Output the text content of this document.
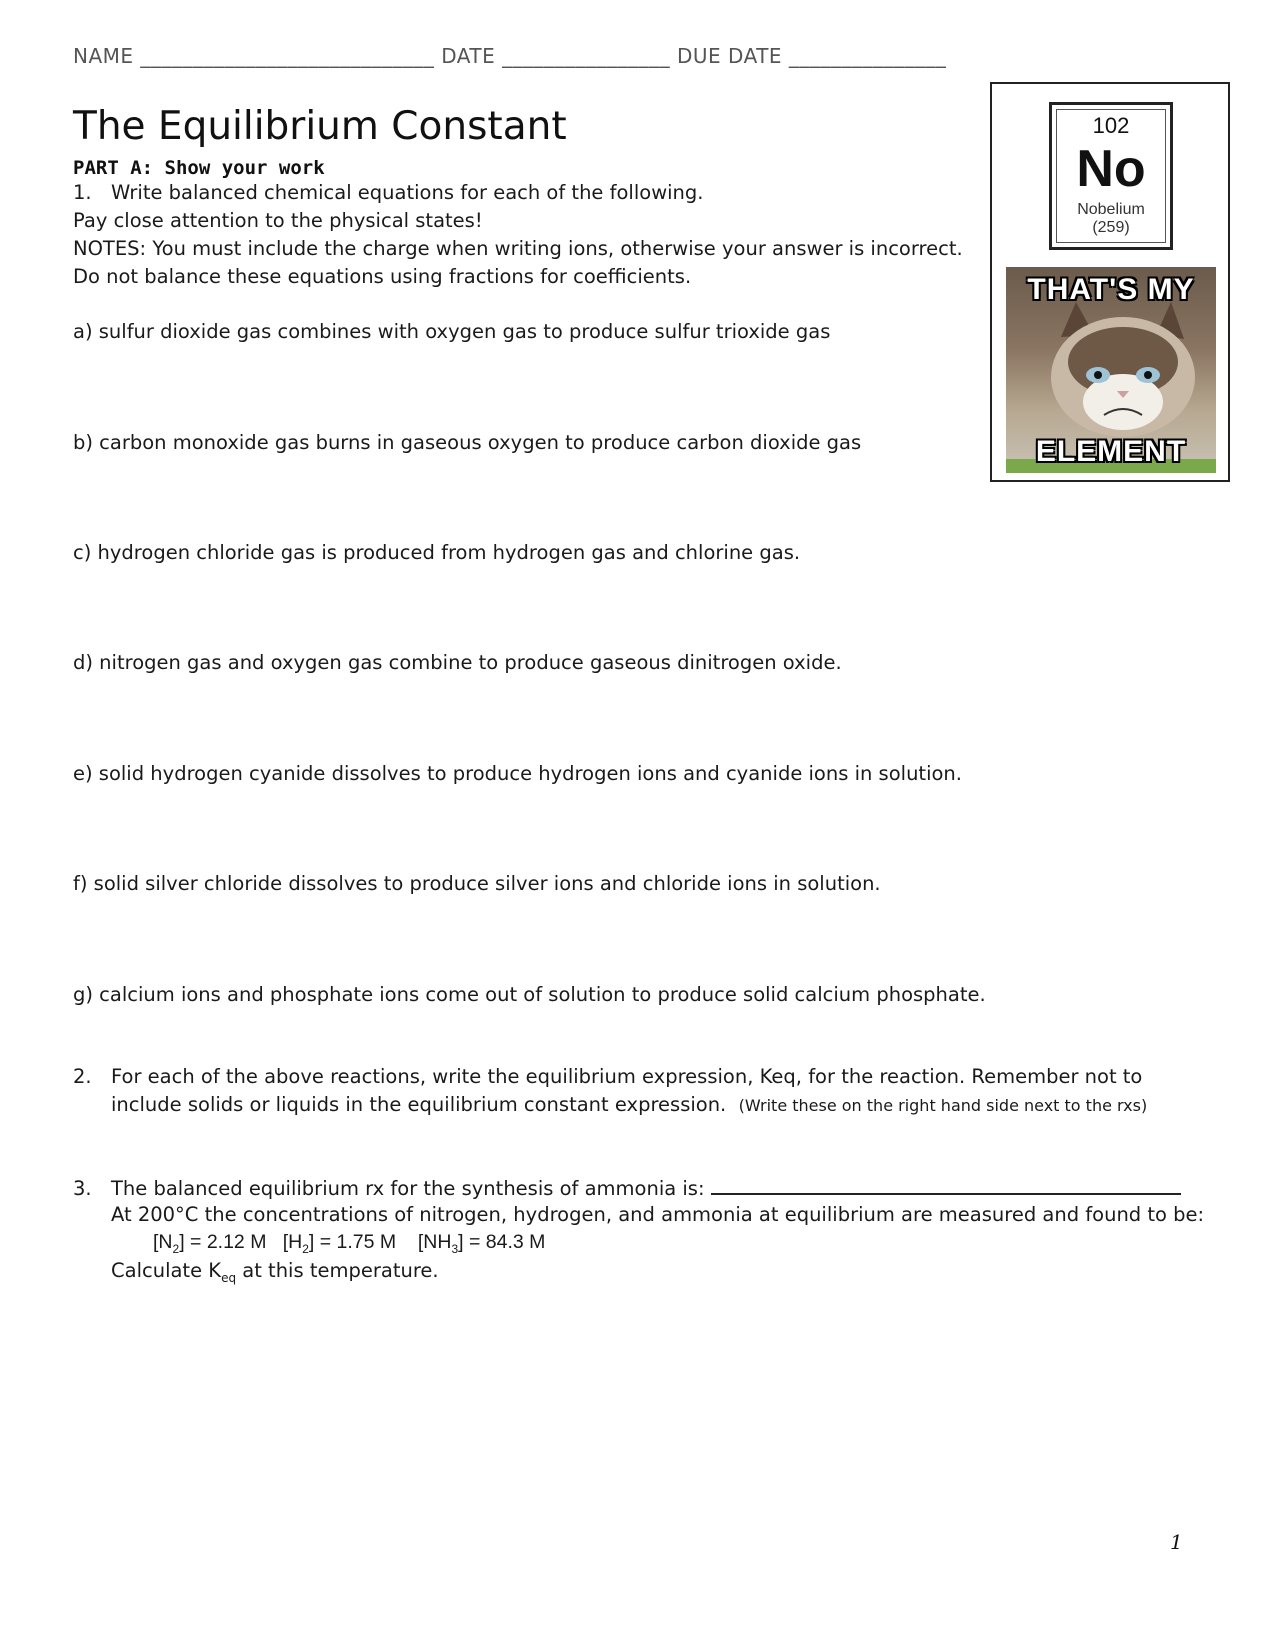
NAME ____________________________ DATE ________________ DUE DATE _______________
The Equilibrium Constant
PART A: Show your work
1. Write balanced chemical equations for each of the following.
Pay close attention to the physical states!
NOTES: You must include the charge when writing ions, otherwise your answer is incorrect.
Do not balance these equations using fractions for coefficients.
a) sulfur dioxide gas combines with oxygen gas to produce sulfur trioxide gas
b) carbon monoxide gas burns in gaseous oxygen to produce carbon dioxide gas
c) hydrogen chloride gas is produced from hydrogen gas and chlorine gas.
d) nitrogen gas and oxygen gas combine to produce gaseous dinitrogen oxide.
e) solid hydrogen cyanide dissolves to produce hydrogen ions and cyanide ions in solution.
f) solid silver chloride dissolves to produce silver ions and chloride ions in solution.
g) calcium ions and phosphate ions come out of solution to produce solid calcium phosphate.
2. For each of the above reactions, write the equilibrium expression, Keq, for the reaction. Remember not to
include solids or liquids in the equilibrium constant expression. (Write these on the right hand side next to the rxs)
3. The balanced equilibrium rx for the synthesis of ammonia is:
At 200°C the concentrations of nitrogen, hydrogen, and ammonia at equilibrium are measured and found to be:
$[N_2] = 2.12$ M $[H_2] = 1.75$ M $[NH_3] = 84.3$ M
Calculate $K_{eq}$ at this temperature.
102
No
Nobelium
(259)
THAT'S MY
ELEMENT
1
